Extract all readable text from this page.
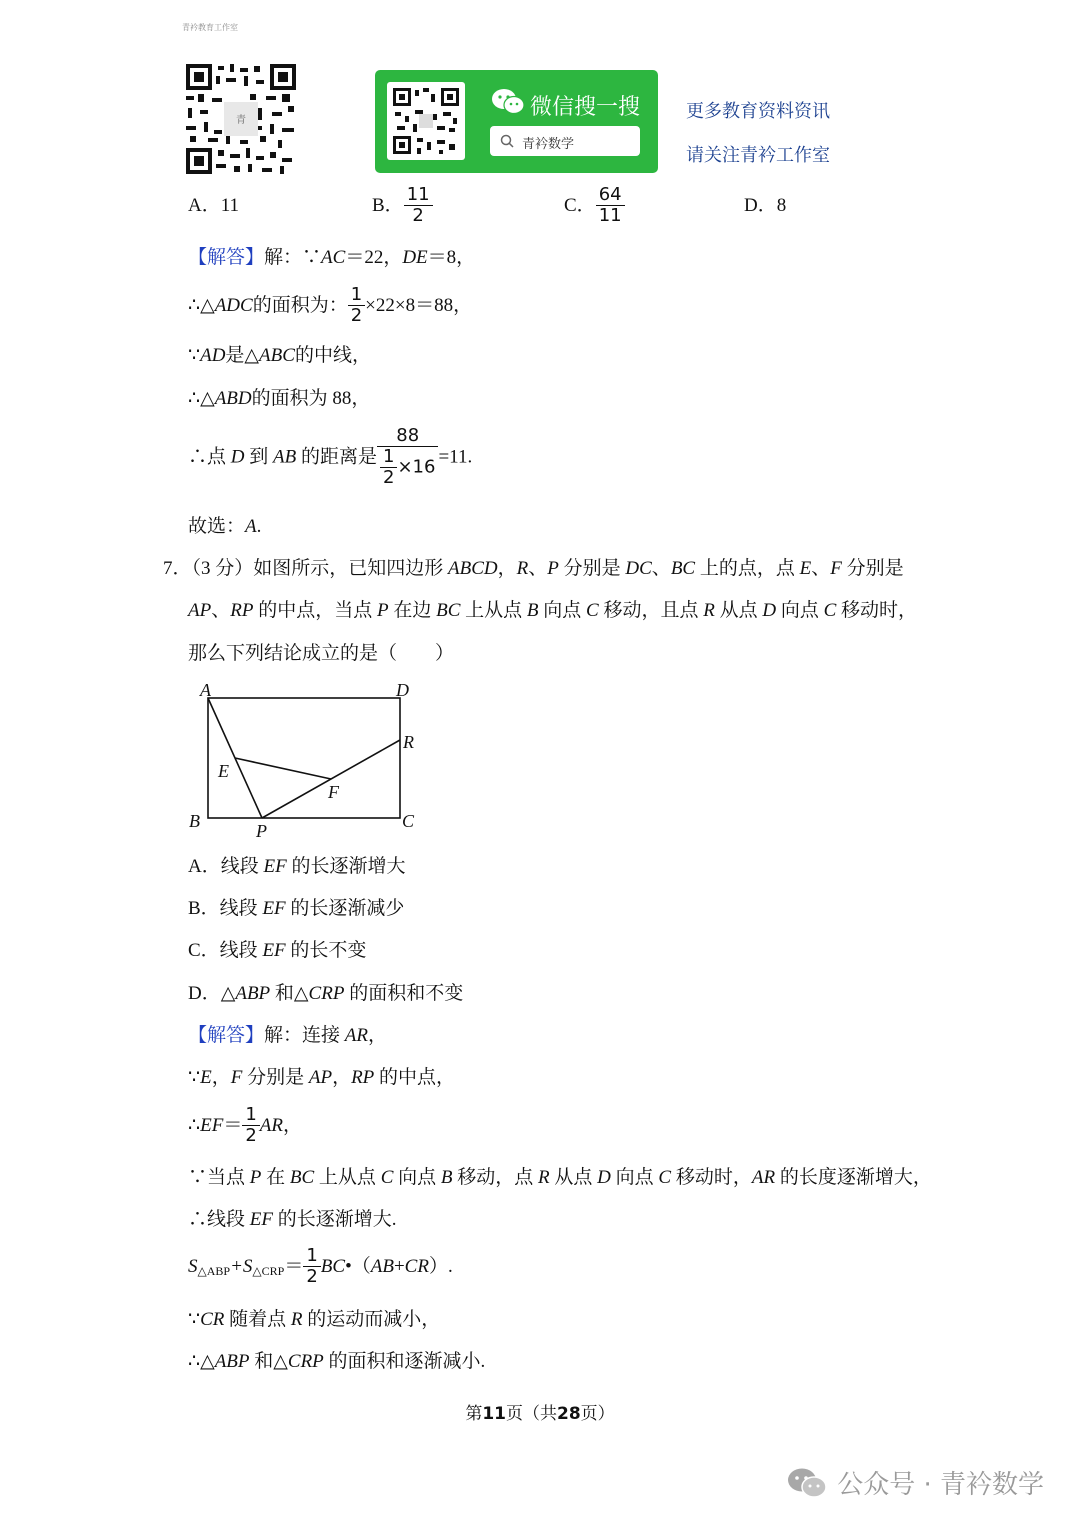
青衿教育工作室
青
微信搜一搜
青衿数学
更多教育资料资讯
请关注青衿工作室
A．11	B． $\frac{11}{2}$	C． $\frac{64}{11}$	D．8
【解答】解：∵AC＝22，DE＝8，
∴△ADC的面积为： $\frac{1}{2} \times 22\times 8=88$，
∵AD是△ABC的中线，
∴△ABD的面积为 88，
∴点 D 到 AB 的距离是 $\frac{88}{\frac{1}{2} \times 16} =11$.
故选：A.
7．（3 分）如图所示，已知四边形 ABCD，R、P 分别是 DC、BC 上的点，点 E、F 分别是
AP、RP 的中点，当点 P 在边 BC 上从点 B 向点 C 移动，且点 R 从点 D 向点 C 移动时，
那么下列结论成立的是（　　）
A	D
R
E
F
B	P	C
A．线段 EF 的长逐渐增大
B．线段 EF 的长逐渐减少
C．线段 EF 的长不变
D．△ABP 和△CRP 的面积和不变
【解答】解：连接 AR，
∵E，F 分别是 AP，RP 的中点，
∴EF＝ $\frac{1}{2}$ AR，
∵当点 P 在 BC 上从点 C 向点 B 移动，点 R 从点 D 向点 C 移动时，AR 的长度逐渐增大，
∴线段 EF 的长逐渐增大.
$S_{\triangle ABP}+S_{\triangle CRP}= \frac{1}{2}$ BC•（AB+CR）.
∵CR 随着点 R 的运动而减小，
∴△ABP 和△CRP 的面积和逐渐减小.
第11页（共28页）
公众号 · 青衿数学
